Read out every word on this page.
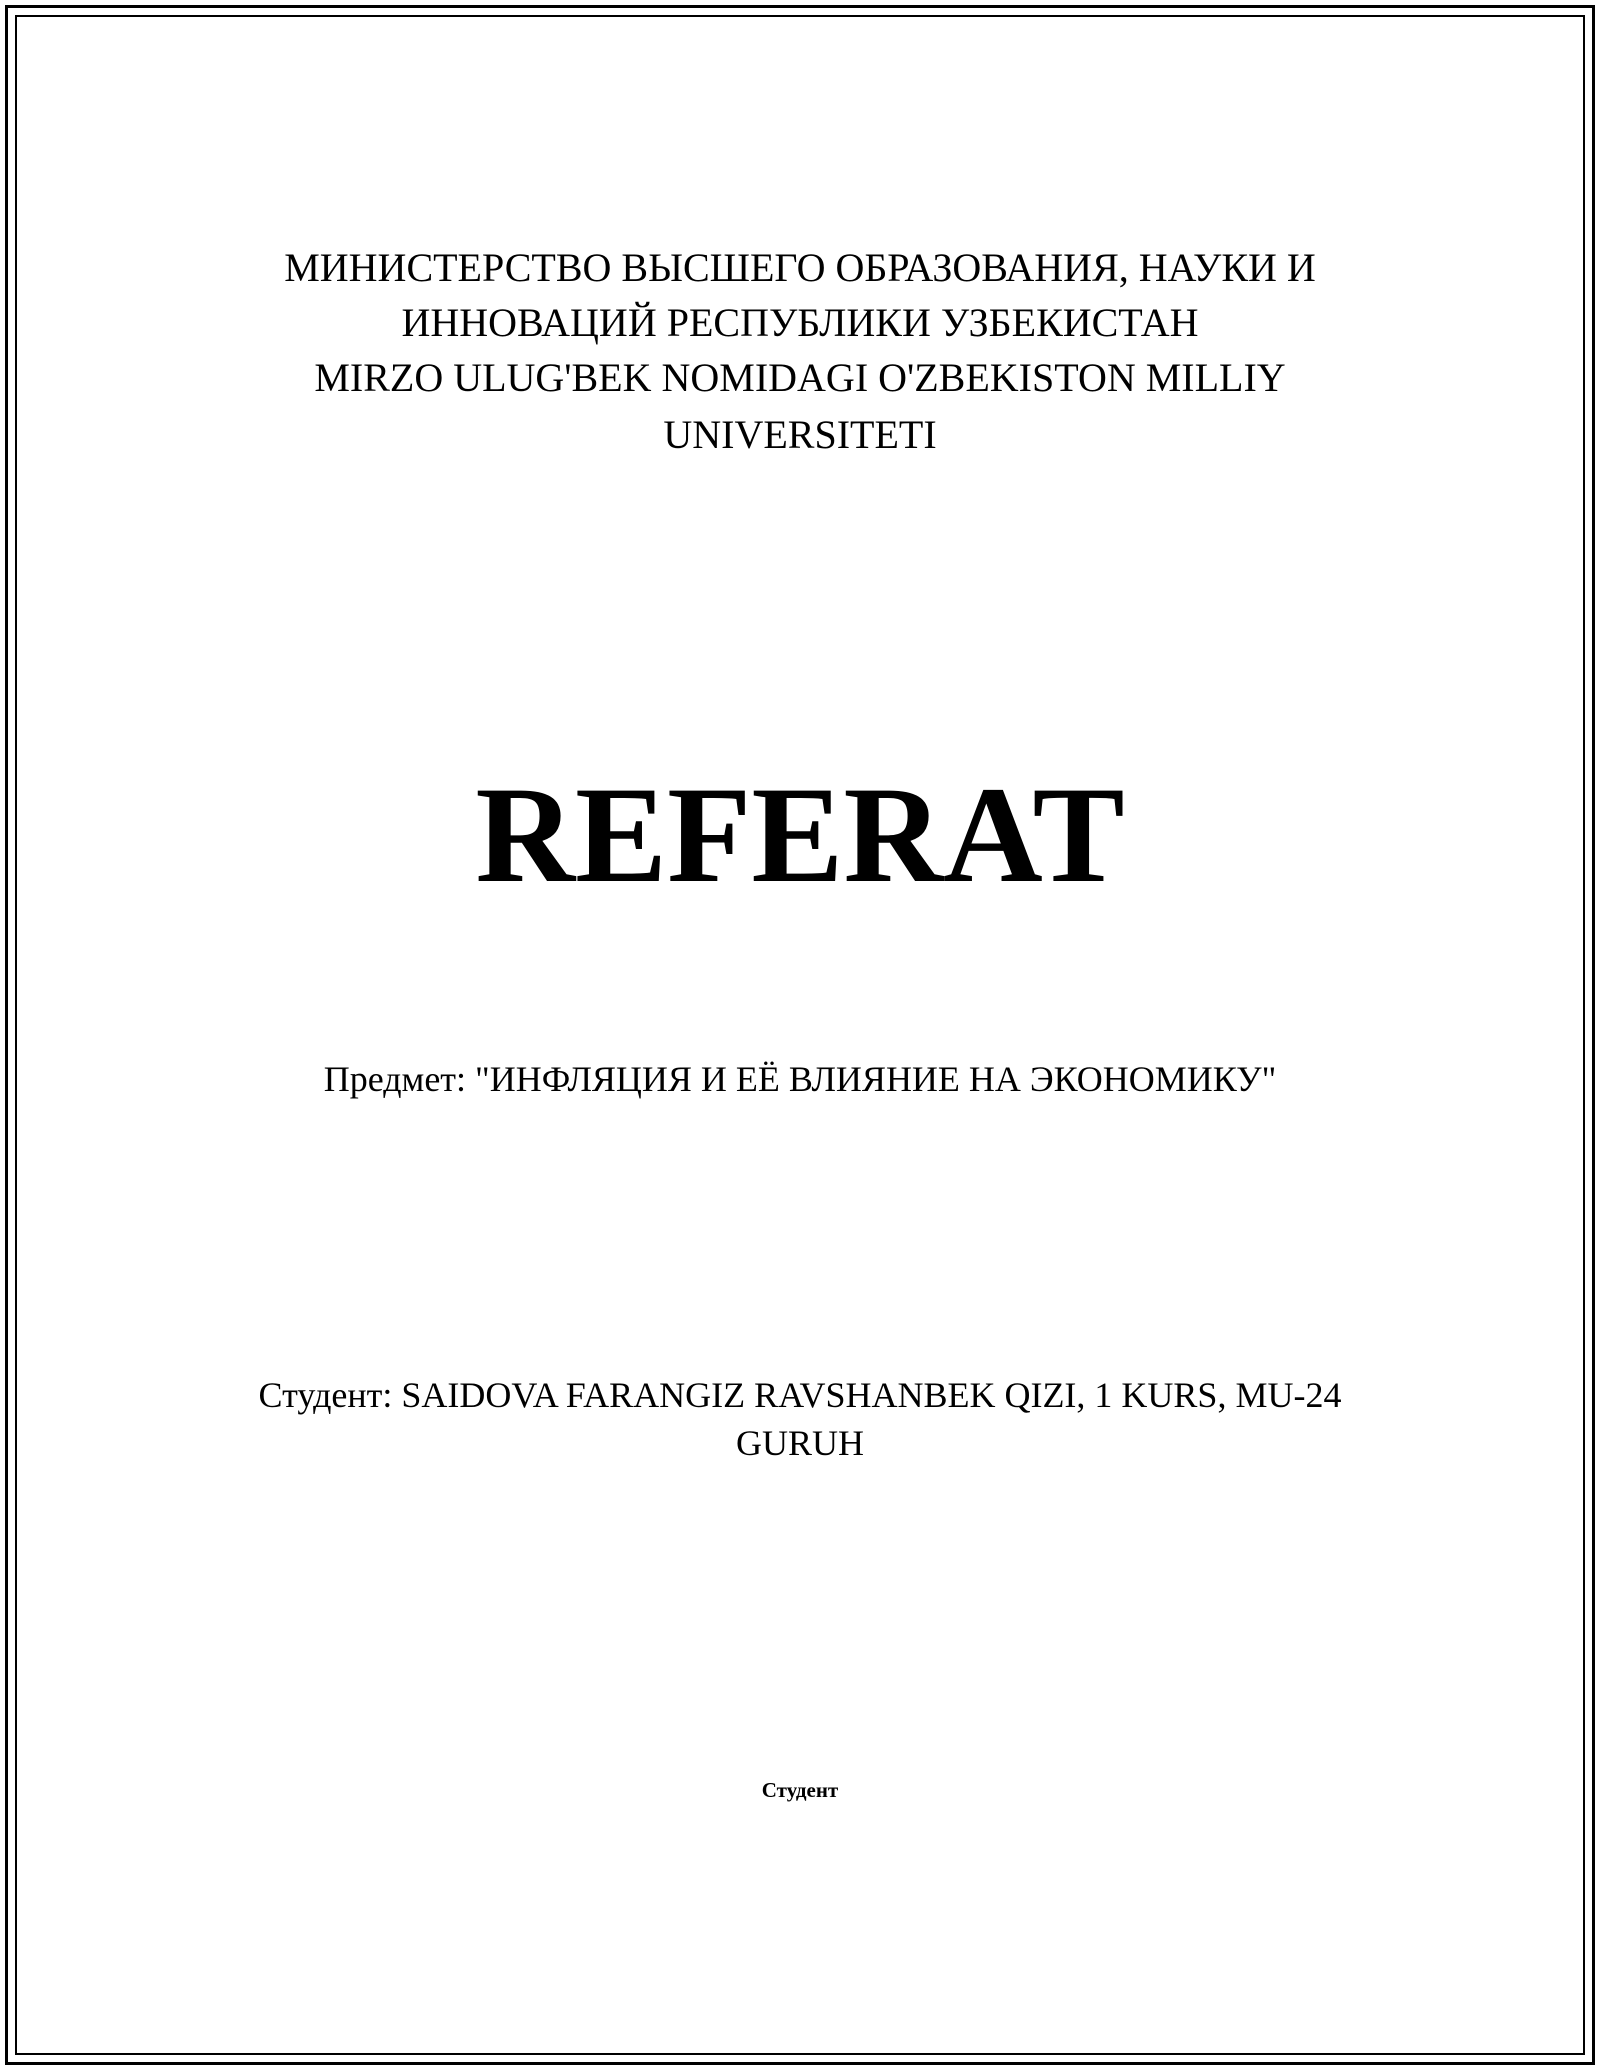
МИНИСТЕРСТВО ВЫСШЕГО ОБРАЗОВАНИЯ, НАУКИ И
ИННОВАЦИЙ РЕСПУБЛИКИ УЗБЕКИСТАН
MIRZO ULUG'BEK NOMIDAGI O'ZBEKISTON MILLIY
UNIVERSITETI
REFERAT
Предмет: "ИНФЛЯЦИЯ И ЕЁ ВЛИЯНИЕ НА ЭКОНОМИКУ"
Студент: SAIDOVA FARANGIZ RAVSHANBEK QIZI, 1 KURS, MU-24
GURUH
Студент
